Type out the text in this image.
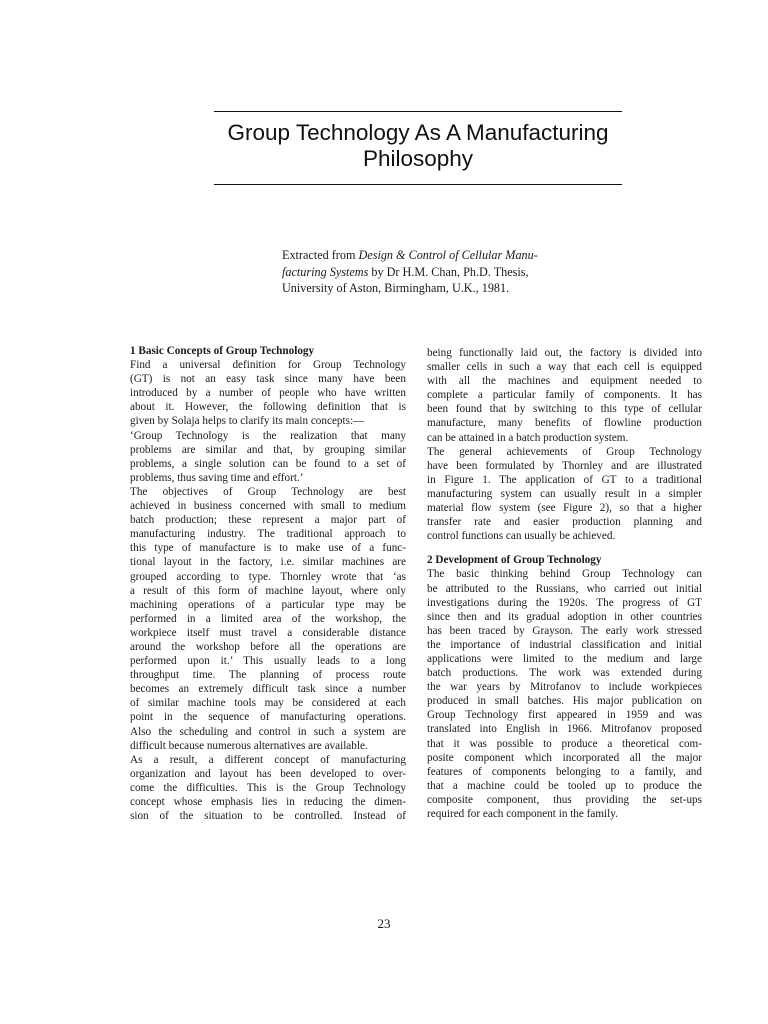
Group Technology As A Manufacturing
Philosophy
Extracted from Design & Control of Cellular Manu-
facturing Systems by Dr H.M. Chan, Ph.D. Thesis,
University of Aston, Birmingham, U.K., 1981.
1 Basic Concepts of Group Technology
Find a universal definition for Group Technology
(GT) is not an easy task since many have been
introduced by a number of people who have written
about it. However, the following definition that is
given by Solaja helps to clarify its main concepts:—
‘Group Technology is the realization that many
problems are similar and that, by grouping similar
problems, a single solution can be found to a set of
problems, thus saving time and effort.’
The objectives of Group Technology are best
achieved in business concerned with small to medium
batch production; these represent a major part of
manufacturing industry. The traditional approach to
this type of manufacture is to make use of a func-
tional layout in the factory, i.e. similar machines are
grouped according to type. Thornley wrote that ‘as
a result of this form of machine layout, where only
machining operations of a particular type may be
performed in a limited area of the workshop, the
workpiece itself must travel a considerable distance
around the workshop before all the operations are
performed upon it.’ This usually leads to a long
throughput time. The planning of process route
becomes an extremely difficult task since a number
of similar machine tools may be considered at each
point in the sequence of manufacturing operations.
Also the scheduling and control in such a system are
difficult because numerous alternatives are available.
As a result, a different concept of manufacturing
organization and layout has been developed to over-
come the difficulties. This is the Group Technology
concept whose emphasis lies in reducing the dimen-
sion of the situation to be controlled. Instead of
being functionally laid out, the factory is divided into
smaller cells in such a way that each cell is equipped
with all the machines and equipment needed to
complete a particular family of components. It has
been found that by switching to this type of cellular
manufacture, many benefits of flowline production
can be attained in a batch production system.
The general achievements of Group Technology
have been formulated by Thornley and are illustrated
in Figure 1. The application of GT to a traditional
manufacturing system can usually result in a simpler
material flow system (see Figure 2), so that a higher
transfer rate and easier production planning and
control functions can usually be achieved.
2 Development of Group Technology
The basic thinking behind Group Technology can
be attributed to the Russians, who carried out initial
investigations during the 1920s. The progress of GT
since then and its gradual adoption in other countries
has been traced by Grayson. The early work stressed
the importance of industrial classification and initial
applications were limited to the medium and large
batch productions. The work was extended during
the war years by Mitrofanov to include workpieces
produced in small batches. His major publication on
Group Technology first appeared in 1959 and was
translated into English in 1966. Mitrofanov proposed
that it was possible to produce a theoretical com-
posite component which incorporated all the major
features of components belonging to a family, and
that a machine could be tooled up to produce the
composite component, thus providing the set-ups
required for each component in the family.
23
